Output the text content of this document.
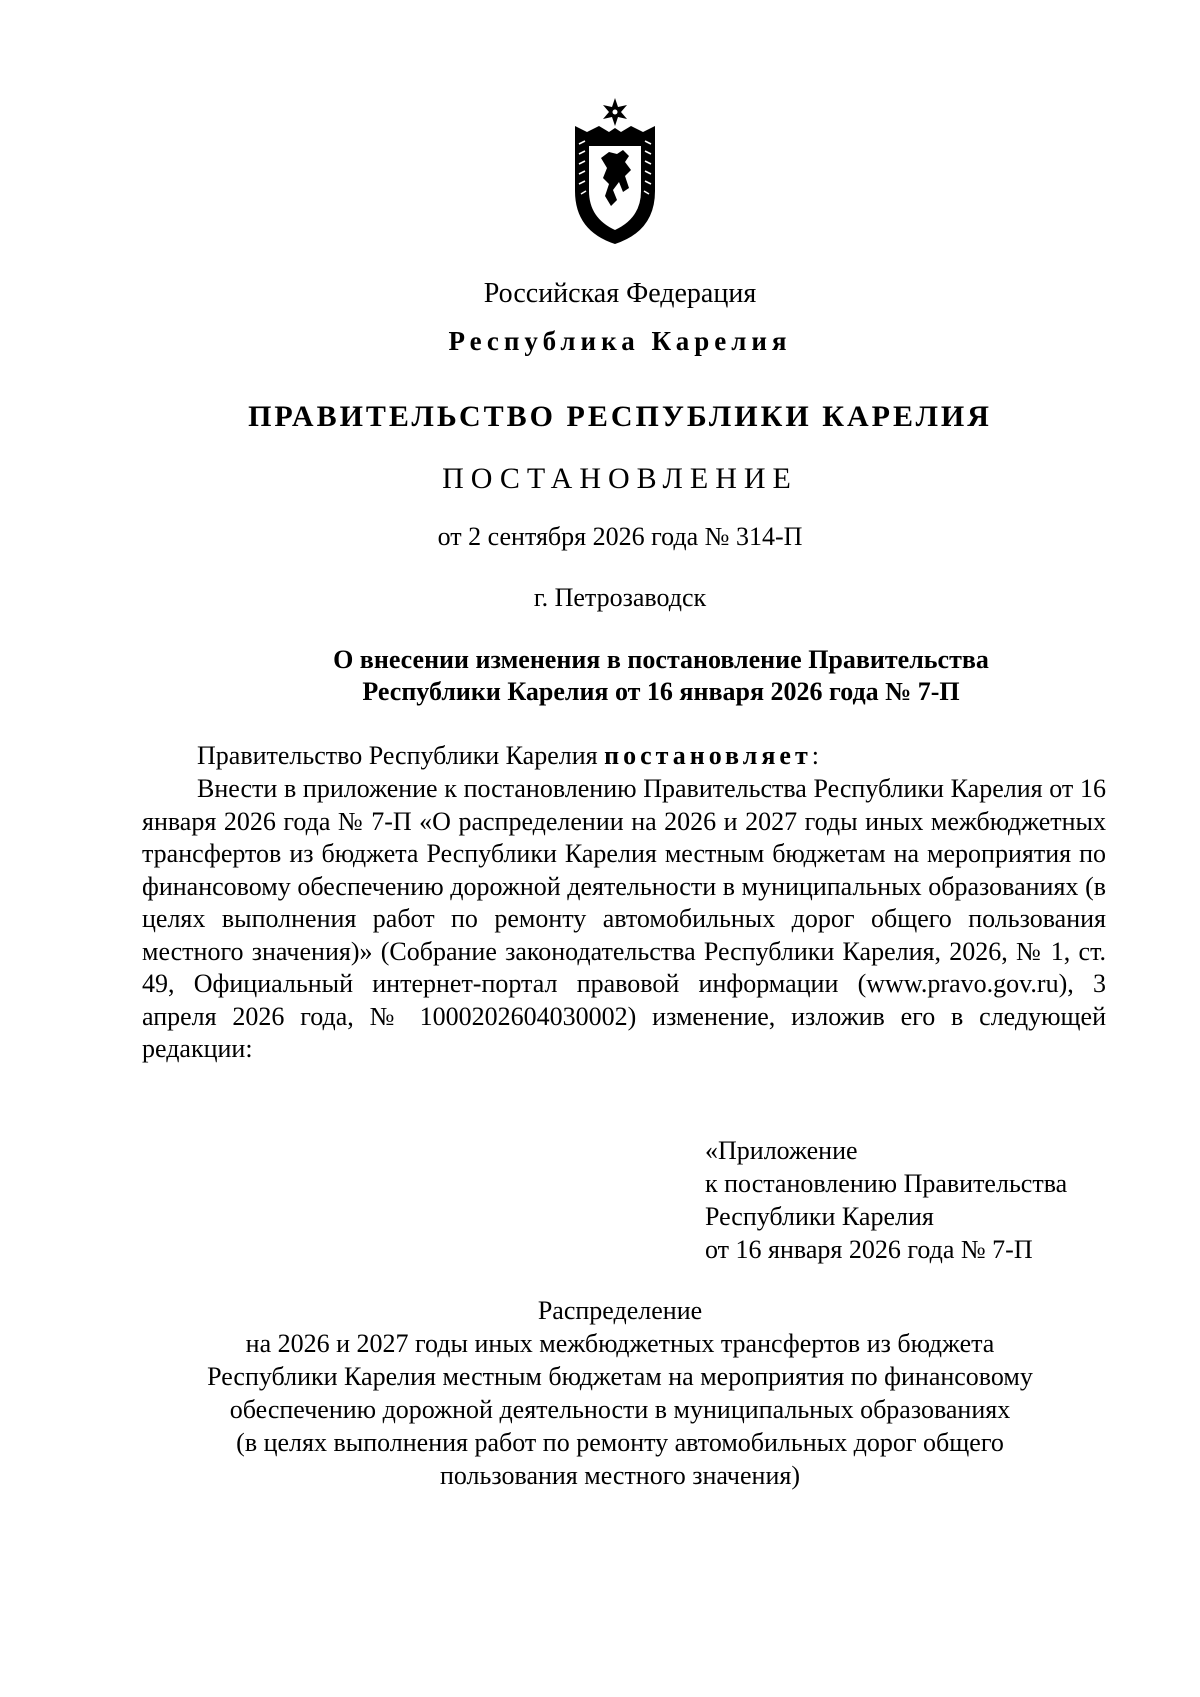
Российская Федерация
Республика Карелия
ПРАВИТЕЛЬСТВО РЕСПУБЛИКИ КАРЕЛИЯ
ПОСТАНОВЛЕНИЕ
от 2 сентября 2026 года № 314-П
г. Петрозаводск
О внесении изменения в постановление Правительства
Республики Карелия от 16 января 2026 года № 7-П
Правительство Республики Карелия постановляет:
Внести в приложение к постановлению Правительства Республики Карелия от 16 января 2026 года № 7-П «О распределении на 2026 и 2027 годы иных межбюджетных трансфертов из бюджета Республики Карелия местным бюджетам на мероприятия по финансовому обеспечению дорожной деятельности в муниципальных образованиях (в целях выполнения работ по ремонту автомобильных дорог общего пользования местного значения)» (Собрание законодательства Республики Карелия, 2026, № 1, ст. 49, Официальный интернет-портал правовой информации (www.pravo.gov.ru), 3 апреля 2026 года, № 1000202604030002) изменение, изложив его в следующей редакции:
«Приложение
к постановлению Правительства
Республики Карелия
от 16 января 2026 года № 7-П
Распределение
на 2026 и 2027 годы иных межбюджетных трансфертов из бюджета
Республики Карелия местным бюджетам на мероприятия по финансовому
обеспечению дорожной деятельности в муниципальных образованиях
(в целях выполнения работ по ремонту автомобильных дорог общего
пользования местного значения)
